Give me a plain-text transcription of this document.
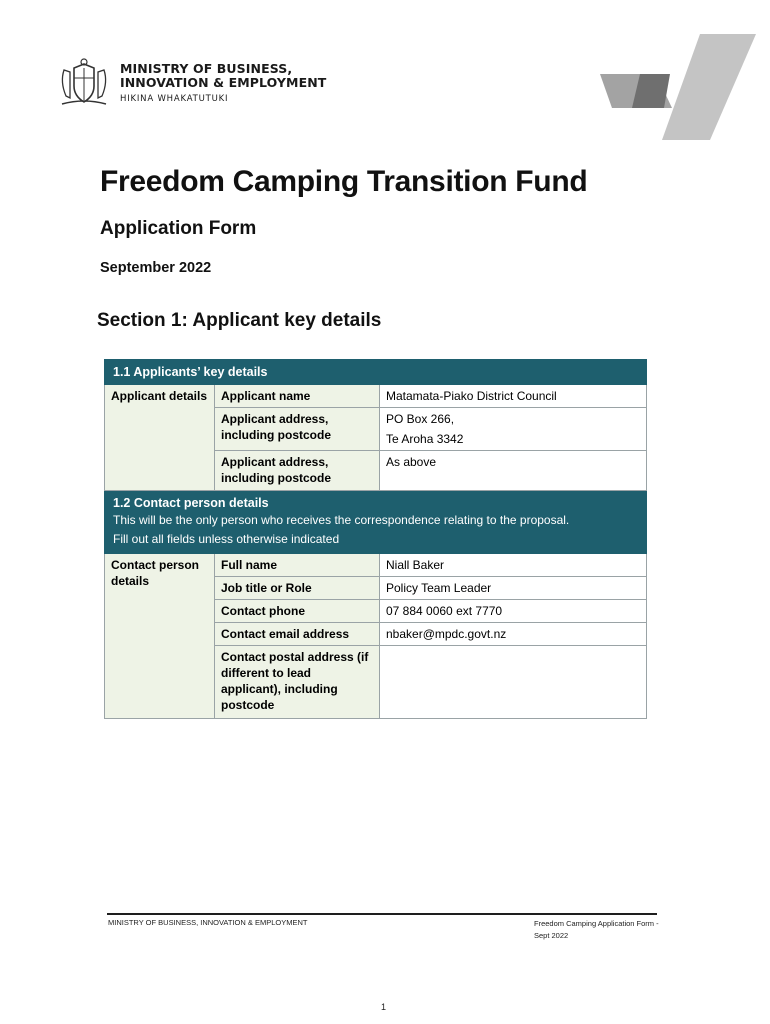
MINISTRY OF BUSINESS,
INNOVATION & EMPLOYMENT
HIKINA WHAKATUTUKI
Freedom Camping Transition Fund
Application Form
September 2022
Section 1: Applicant key details
1.1 Applicants’ key details		

Applicant details	Applicant name	Matamata-Piako District Council

	Applicant address, including postcode	PO Box 266,
Te Aroha 3342

	Applicant address, including postcode	As above

1.2 Contact person details
This will be the only person who receives the correspondence relating to the proposal.
Fill out all fields unless otherwise indicated		

Contact person details	Full name	Niall Baker
	Job title or Role	Policy Team Leader
	Contact phone	07 884 0060 ext 7770
	Contact email address	nbaker@mpdc.govt.nz
	Contact postal address (if different to lead applicant), including postcode	
MINISTRY OF BUSINESS, INNOVATION & EMPLOYMENT	Freedom Camping Application Form - Sept 2022
1
